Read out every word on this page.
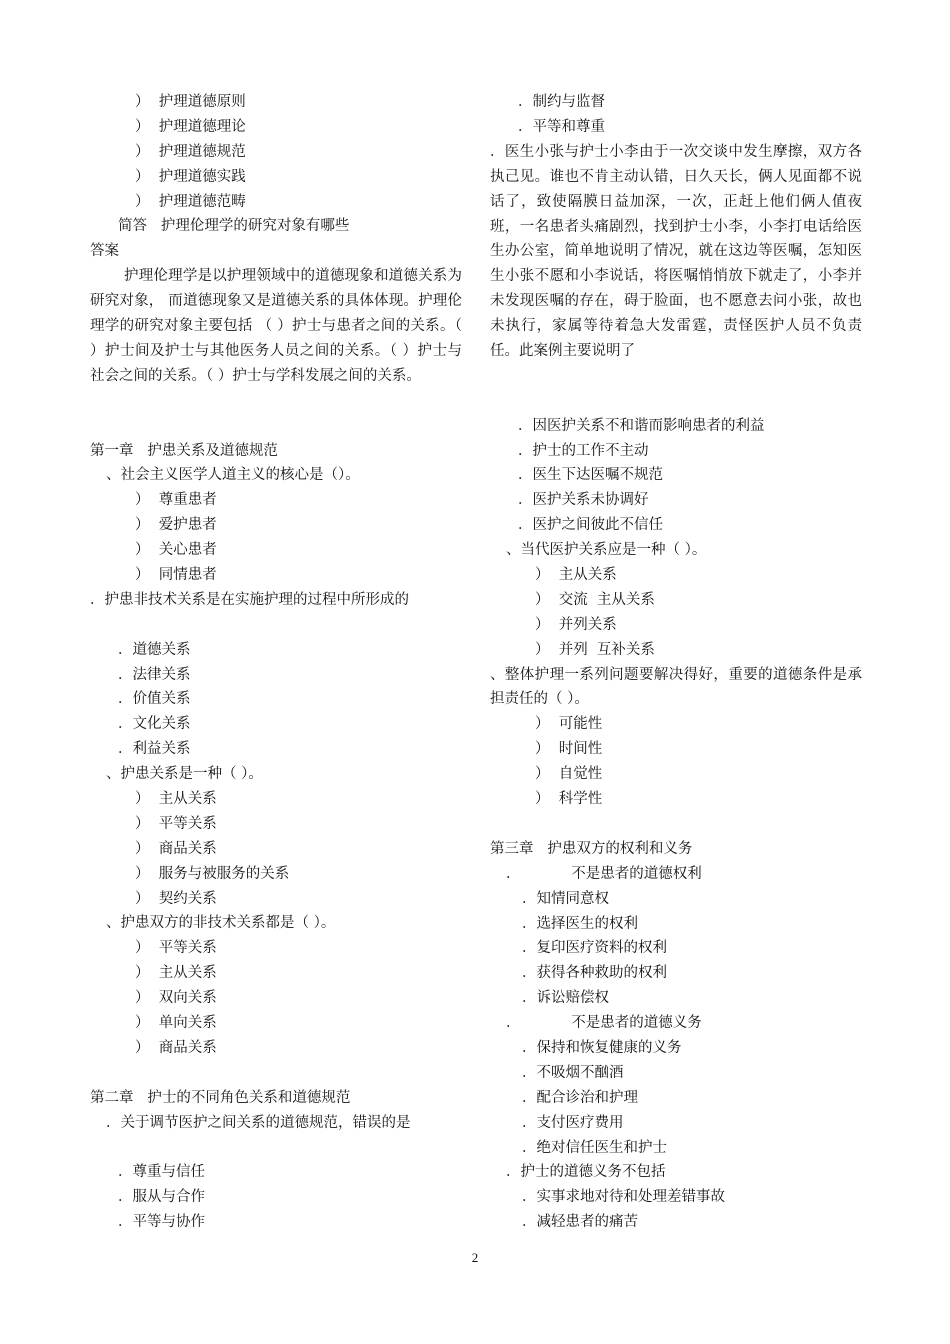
）  护理道德原则
）  护理道德理论
）  护理道德规范
）  护理道德实践
）  护理道德范畴
简答   护理伦理学的研究对象有哪些
答案
护理伦理学是以护理领域中的道德现象和道德关系为研究对象， 而道德现象又是道德关系的具体体现。护理伦理学的研究对象主要包括 （ ）护士与患者之间的关系。（ ）护士间及护士与其他医务人员之间的关系。（ ）护士与社会之间的关系。（ ）护士与学科发展之间的关系。
第一章   护患关系及道德规范
、社会主义医学人道主义的核心是（）。
）  尊重患者
）  爱护患者
）  关心患者
）  同情患者
．护患非技术关系是在实施护理的过程中所形成的
．道德关系
．法律关系
．价值关系
．文化关系
．利益关系
、护患关系是一种（ ）。
）  主从关系
）  平等关系
）  商品关系
）  服务与被服务的关系
）  契约关系
、护患双方的非技术关系都是（ ）。
）  平等关系
）  主从关系
）  双向关系
）  单向关系
）  商品关系
第二章   护士的不同角色关系和道德规范
．关于调节医护之间关系的道德规范，错误的是
．尊重与信任
．服从与合作
．平等与协作
．制约与监督
．平等和尊重
．医生小张与护士小李由于一次交谈中发生摩擦，双方各执己见。谁也不肯主动认错，日久天长，俩人见面都不说话了，致使隔膜日益加深，一次，正赶上他们俩人值夜班，一名患者头痛剧烈，找到护士小李，小李打电话给医生办公室，简单地说明了情况，就在这边等医嘱，怎知医生小张不愿和小李说话，将医嘱悄悄放下就走了，小李并未发现医嘱的存在，碍于脸面，也不愿意去问小张，故也未执行，家属等待着急大发雷霆，责怪医护人员不负责任。此案例主要说明了
．因医护关系不和谐而影响患者的利益
．护士的工作不主动
．医生下达医嘱不规范
．医护关系未协调好
．医护之间彼此不信任
、当代医护关系应是一种（ ）。
）  主从关系
）  交流  主从关系
）  并列关系
）  并列  互补关系
、整体护理一系列问题要解决得好，重要的道德条件是承担责任的（ ）。
）  可能性
）  时间性
）  自觉性
）  科学性
第三章   护患双方的权利和义务
．           不是患者的道德权利
．知情同意权
．选择医生的权利
．复印医疗资料的权利
．获得各种救助的权利
．诉讼赔偿权
．           不是患者的道德义务
．保持和恢复健康的义务
．不吸烟不酗酒
．配合诊治和护理
．支付医疗费用
．绝对信任医生和护士
．护士的道德义务不包括
．实事求地对待和处理差错事故
．减轻患者的痛苦
2
